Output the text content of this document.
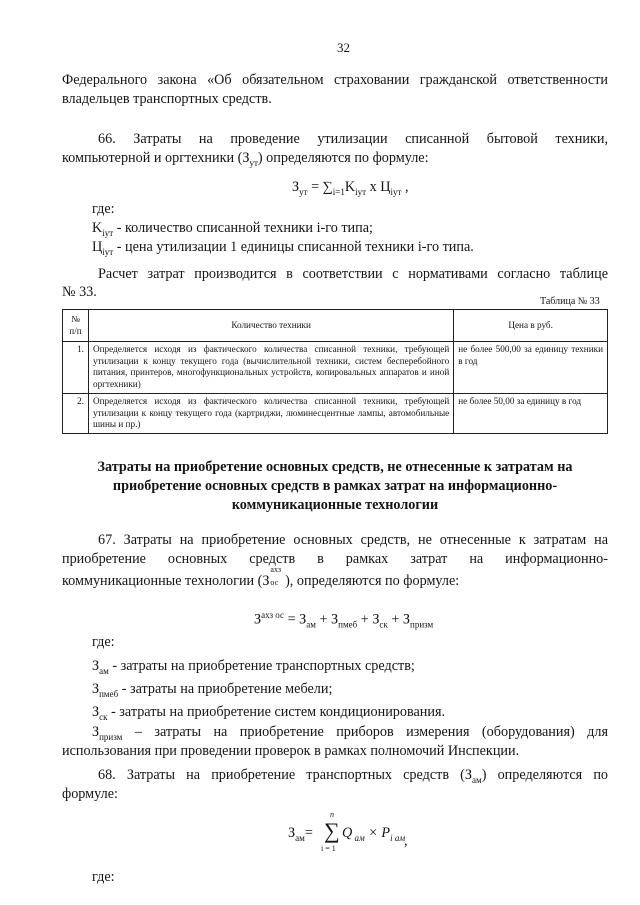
32
Федерального закона «Об обязательном страховании гражданской ответственности
владельцев транспортных средств.
66. Затраты на проведение утилизации списанной бытовой техники,
компьютерной и оргтехники $(З_{ут})$ определяются по формуле:
$З_{ут} = \sum_{i=1}K_{iут}$ x $Ц_{iут}$ ,
где:
$K_{iут}$ - количество списанной техники i-го типа;
$Ц_{iут}$ - цена утилизации 1 единицы списанной техники i-го типа.
Расчет затрат производится в соответствии с нормативами согласно таблице
№ 33.
Таблица № 33
№ п/п	Количество техники	Цена в руб.
1.	Определяется исходя из фактического количества списанной техники, требующей утилизации к концу текущего года (вычислительной техники, систем бесперебойного питания, принтеров, многофункциональных устройств, копировальных аппаратов и иной оргтехники)	не более 500,00 за единицу техники в год
2.	Определяется исходя из фактического количества списанной техники, требующей утилизации к концу текущего года (картриджи, люминесцентные лампы, автомобильные шины и пр.)	не более 50,00 за единицу в год
Затраты на приобретение основных средств, не отнесенные к затратам на
приобретение основных средств в рамках затрат на информационно-
коммуникационные технологии
67. Затраты на приобретение основных средств, не отнесенные к затратам на
приобретение основных средств в рамках затрат на информационно-
коммуникационные технологии (З
ахз
ос ), определяются по формуле:
$З^{ахз ос} = З_{ам} + З_{пмеб} + З_{ск} + З_{призм}$
где:
$З_{ам}$ - затраты на приобретение транспортных средств;
$З_{пмеб}$ - затраты на приобретение мебели;
$З_{ск}$ - затраты на приобретение систем кондиционирования.
$З_{призм}$ – затраты на приобретение приборов измерения (оборудования) для
использования при проведении проверок в рамках полномочий Инспекции.
68. Затраты на приобретение транспортных средств $(З_{ам})$ определяются по
формуле:
$З_{ам}=$
n
∑
i = 1
Q $_{ам} \times P_{i ам}$
,
где:
